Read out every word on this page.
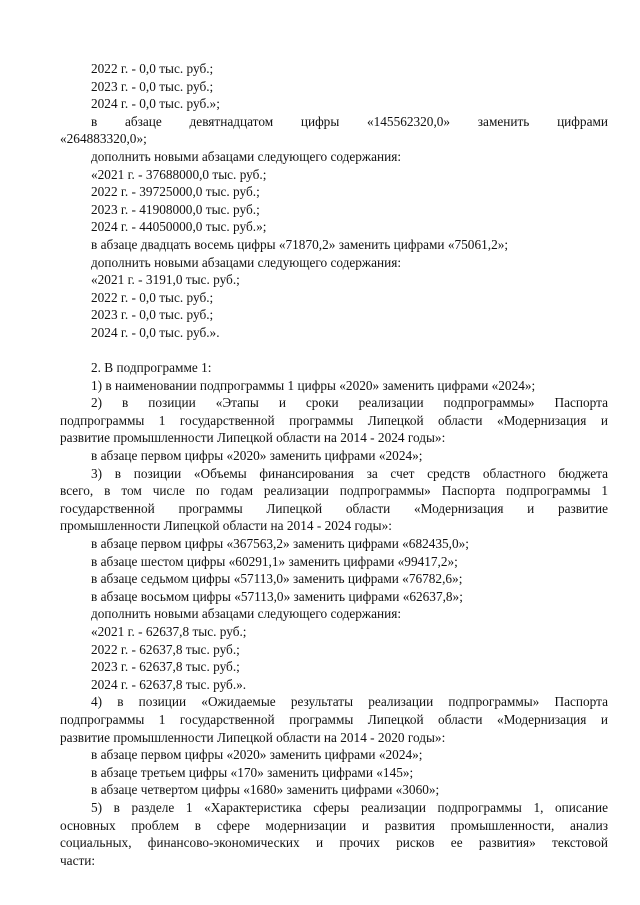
2022 г. - 0,0 тыс. руб.;
2023 г. - 0,0 тыс. руб.;
2024 г. - 0,0 тыс. руб.»;
в абзаце девятнадцатом цифры «145562320,0» заменить цифрами
«264883320,0»;
дополнить новыми абзацами следующего содержания:
«2021 г. - 37688000,0 тыс. руб.;
2022 г. - 39725000,0 тыс. руб.;
2023 г. - 41908000,0 тыс. руб.;
2024 г. - 44050000,0 тыс. руб.»;
в абзаце двадцать восемь цифры «71870,2» заменить цифрами «75061,2»;
дополнить новыми абзацами следующего содержания:
«2021 г. - 3191,0 тыс. руб.;
2022 г. - 0,0 тыс. руб.;
2023 г. - 0,0 тыс. руб.;
2024 г. - 0,0 тыс. руб.».
2. В подпрограмме 1:
1) в наименовании подпрограммы 1 цифры «2020» заменить цифрами «2024»;
2) в позиции «Этапы и сроки реализации подпрограммы» Паспорта
подпрограммы 1 государственной программы Липецкой области «Модернизация и
развитие промышленности Липецкой области на 2014 - 2024 годы»:
в абзаце первом цифры «2020» заменить цифрами «2024»;
3) в позиции «Объемы финансирования за счет средств областного бюджета
всего, в том числе по годам реализации подпрограммы» Паспорта подпрограммы 1
государственной программы Липецкой области «Модернизация и развитие
промышленности Липецкой области на 2014 - 2024 годы»:
в абзаце первом цифры «367563,2» заменить цифрами «682435,0»;
в абзаце шестом цифры «60291,1» заменить цифрами «99417,2»;
в абзаце седьмом цифры «57113,0» заменить цифрами «76782,6»;
в абзаце восьмом цифры «57113,0» заменить цифрами «62637,8»;
дополнить новыми абзацами следующего содержания:
«2021 г. - 62637,8 тыс. руб.;
2022 г. - 62637,8 тыс. руб.;
2023 г. - 62637,8 тыс. руб.;
2024 г. - 62637,8 тыс. руб.».
4) в позиции «Ожидаемые результаты реализации подпрограммы» Паспорта
подпрограммы 1 государственной программы Липецкой области «Модернизация и
развитие промышленности Липецкой области на 2014 - 2020 годы»:
в абзаце первом цифры «2020» заменить цифрами «2024»;
в абзаце третьем цифры «170» заменить цифрами «145»;
в абзаце четвертом цифры «1680» заменить цифрами «3060»;
5) в разделе 1 «Характеристика сферы реализации подпрограммы 1, описание
основных проблем в сфере модернизации и развития промышленности, анализ
социальных, финансово-экономических и прочих рисков ее развития» текстовой
части:
